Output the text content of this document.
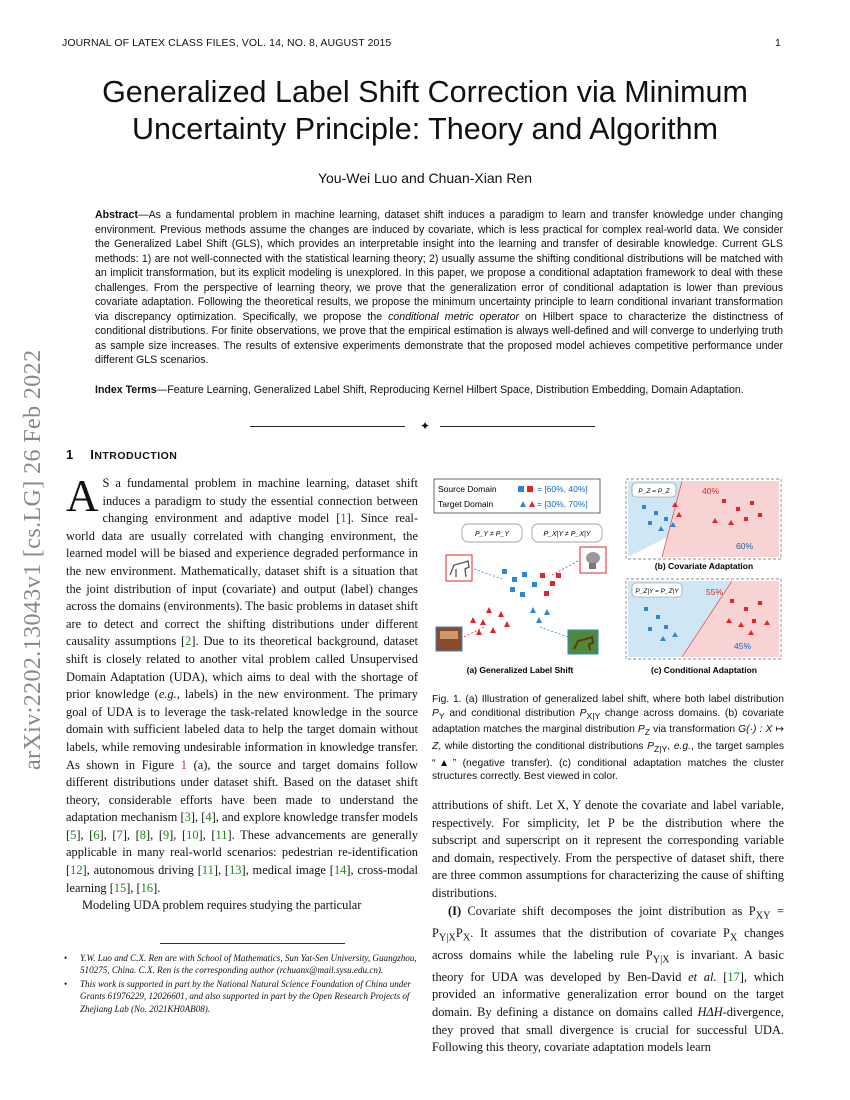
JOURNAL OF LATEX CLASS FILES, VOL. 14, NO. 8, AUGUST 2015	1
arXiv:2202.13043v1 [cs.LG] 26 Feb 2022
Generalized Label Shift Correction via Minimum
Uncertainty Principle: Theory and Algorithm
You-Wei Luo and Chuan-Xian Ren
Abstract—As a fundamental problem in machine learning, dataset shift induces a paradigm to learn and transfer knowledge under changing environment. Previous methods assume the changes are induced by covariate, which is less practical for complex real-world data. We consider the Generalized Label Shift (GLS), which provides an interpretable insight into the learning and transfer of desirable knowledge. Current GLS methods: 1) are not well-connected with the statistical learning theory; 2) usually assume the shifting conditional distributions will be matched with an implicit transformation, but its explicit modeling is unexplored. In this paper, we propose a conditional adaptation framework to deal with these challenges. From the perspective of learning theory, we prove that the generalization error of conditional adaptation is lower than previous covariate adaptation. Following the theoretical results, we propose the minimum uncertainty principle to learn conditional invariant transformation via discrepancy optimization. Specifically, we propose the conditional metric operator on Hilbert space to characterize the distinctness of conditional distributions. For finite observations, we prove that the empirical estimation is always well-defined and will converge to underlying truth as sample size increases. The results of extensive experiments demonstrate that the proposed model achieves competitive performance under different GLS scenarios.
Index Terms—Feature Learning, Generalized Label Shift, Reproducing Kernel Hilbert Space, Distribution Embedding, Domain Adaptation.
✦
1 INTRODUCTION

A S a fundamental problem in machine learning, dataset shift induces a paradigm to study the essential connection between changing environment and adaptive model [1]. Since real-world data are usually correlated with changing environment, the learned model will be biased and experience degraded performance in the new environment. Mathematically, dataset shift is a situation that the joint distribution of input (covariate) and output (label) changes across the domains (environments). The basic problems in dataset shift are to detect and correct the shifting distributions under different causality assumptions [2]. Due to its theoretical background, dataset shift is closely related to another vital problem called Unsupervised Domain Adaptation (UDA), which aims to deal with the shortage of prior knowledge (e.g., labels) in the new environment. The primary goal of UDA is to leverage the task-related knowledge in the source domain with sufficient labeled data to help the target domain without labels, while removing undesirable information in knowledge transfer. As shown in Figure 1 (a), the source and target domains follow different distributions under dataset shift. Based on the dataset shift theory, considerable efforts have been made to understand the adaptation mechanism [3], [4], and explore knowledge transfer models [5], [6], [7], [8], [9], [10], [11]. These advancements are generally applicable in many real-world scenarios: pedestrian re-identification [12], autonomous driving [11], [13], medical image [14], cross-modal learning [15], [16].

Modeling UDA problem requires studying the particular

• Y.W. Luo and C.X. Ren are with School of Mathematics, Sun Yat-Sen University, Guangzhou, 510275, China. C.X. Ren is the corresponding author (rchuanx@mail.sysu.edu.cn).
• This work is supported in part by the National Natural Science Foundation of China under Grants 61976229, 12026601, and also supported in part by the Open Research Projects of Zhejiang Lab (No. 2021KH0AB08).
Source Domain
Target Domain
= [60%, 40%]
= [30%, 70%]
P_Y ≠ P_Y	P_X|Y ≠ P_X|Y
(a) Generalized Label Shift
P_Z = P_Z	40%
60%
(b) Covariate Adaptation
P_Z|Y = P_Z|Y	55%
45%
(c) Conditional Adaptation
Fig. 1. (a) Illustration of generalized label shift, where both label distribution $P_Y$ and conditional distribution $P_{X|Y}$ change across domains. (b) covariate adaptation matches the marginal distribution $P_Z$ via transformation G(·) : X ↦ Z, while distorting the conditional distributions $P_{Z|Y}$, e.g., the target samples “▲” (negative transfer). (c) conditional adaptation matches the cluster structures correctly. Best viewed in color.

attributions of shift. Let X, Y denote the covariate and label variable, respectively. For simplicity, let P be the distribution where the subscript and superscript on it represent the corresponding variable and domain, respectively. From the perspective of dataset shift, there are three common assumptions for characterizing the cause of shifting distributions.

(I) Covariate shift decomposes the joint distribution as $P_{XY} = P_{Y|X}P_X$. It assumes that the distribution of covariate $P_X$ changes across domains while the labeling rule $P_{Y|X}$ is invariant. A basic theory for UDA was developed by Ben-David et al. [17], which provided an informative generalization error bound on the target domain. By defining a distance on domains called HΔH-divergence, they proved that small divergence is crucial for successful UDA. Following this theory, covariate adaptation models learn
